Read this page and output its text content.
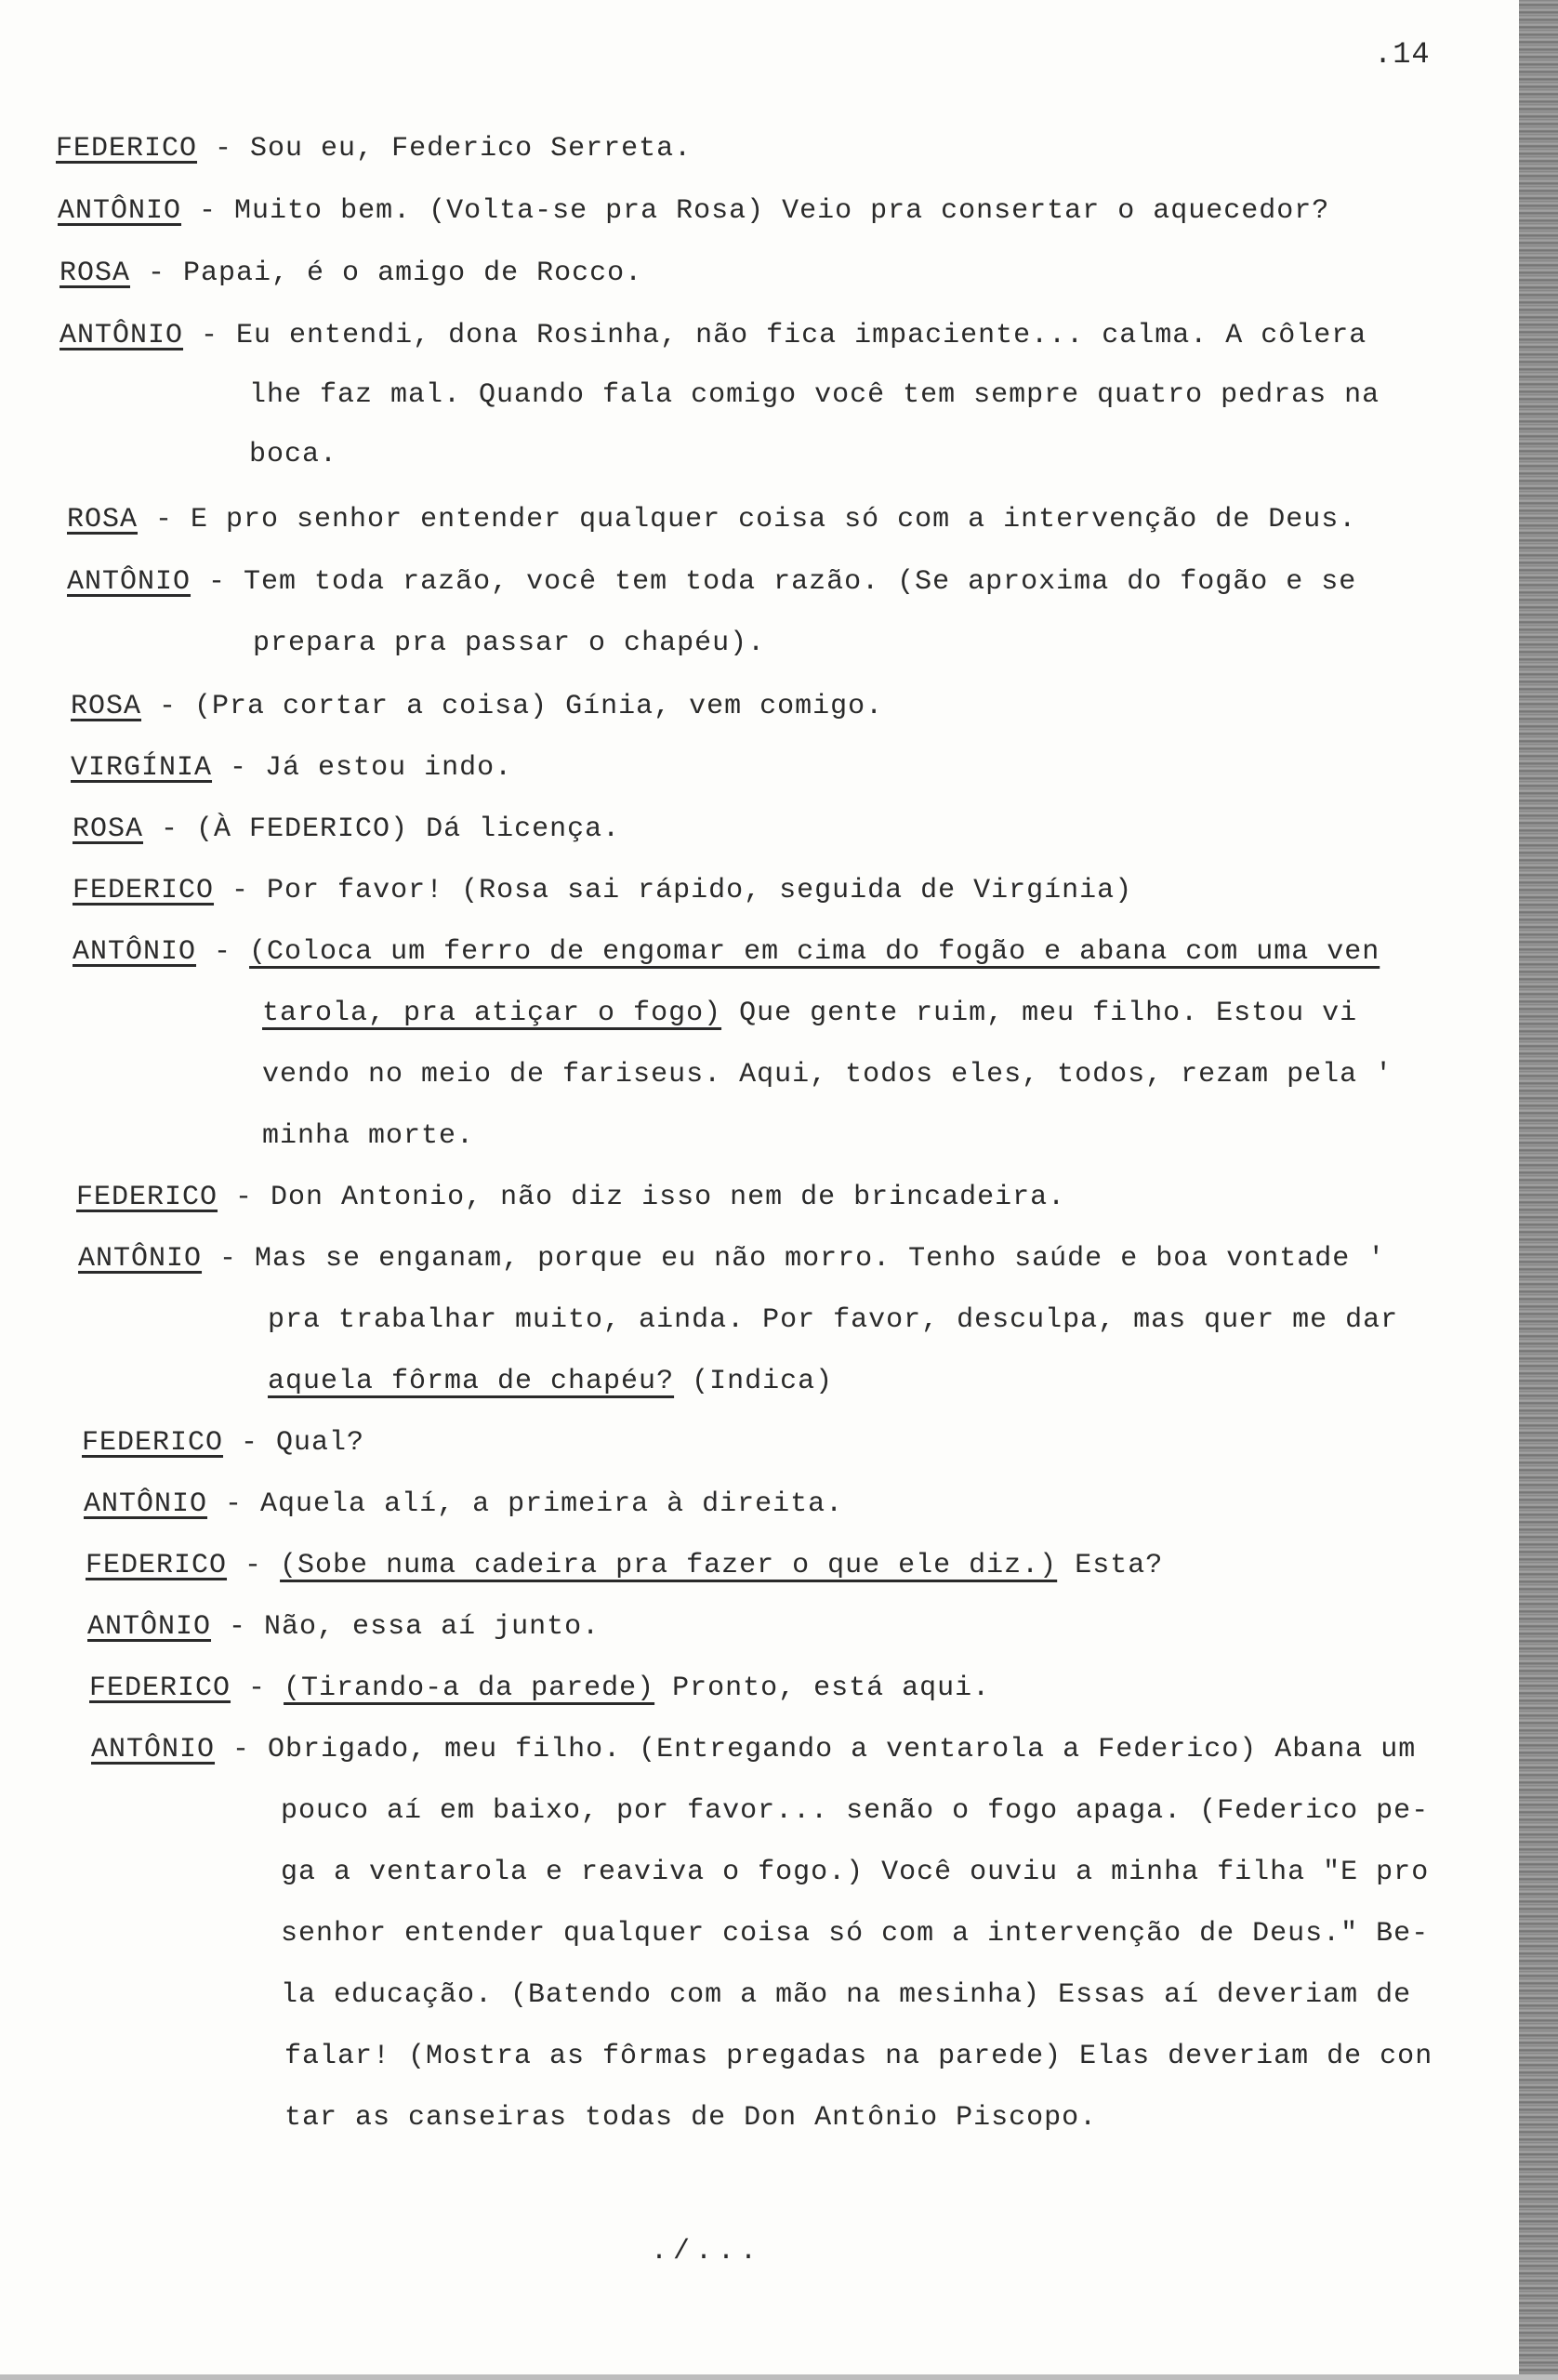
.14
FEDERICO - Sou eu, Federico Serreta.
ANTÔNIO - Muito bem. (Volta-se pra Rosa) Veio pra consertar o aquecedor?
ROSA - Papai, é o amigo de Rocco.
ANTÔNIO - Eu entendi, dona Rosinha, não fica impaciente... calma. A côlera
lhe faz mal. Quando fala comigo você tem sempre quatro pedras na
boca.
ROSA - E pro senhor entender qualquer coisa só com a intervenção de Deus.
ANTÔNIO - Tem toda razão, você tem toda razão. (Se aproxima do fogão e se
prepara pra passar o chapéu).
ROSA - (Pra cortar a coisa) Gínia, vem comigo.
VIRGÍNIA - Já estou indo.
ROSA - (À FEDERICO) Dá licença.
FEDERICO - Por favor! (Rosa sai rápido, seguida de Virgínia)
ANTÔNIO - (Coloca um ferro de engomar em cima do fogão e abana com uma ven
tarola, pra atiçar o fogo) Que gente ruim, meu filho. Estou vi
vendo no meio de fariseus. Aqui, todos eles, todos, rezam pela '
minha morte.
FEDERICO - Don Antonio, não diz isso nem de brincadeira.
ANTÔNIO - Mas se enganam, porque eu não morro. Tenho saúde e boa vontade '
pra trabalhar muito, ainda. Por favor, desculpa, mas quer me dar
aquela fôrma de chapéu? (Indica)
FEDERICO - Qual?
ANTÔNIO - Aquela alí, a primeira à direita.
FEDERICO - (Sobe numa cadeira pra fazer o que ele diz.) Esta?
ANTÔNIO - Não, essa aí junto.
FEDERICO - (Tirando-a da parede) Pronto, está aqui.
ANTÔNIO - Obrigado, meu filho. (Entregando a ventarola a Federico) Abana um
pouco aí em baixo, por favor... senão o fogo apaga. (Federico pe-
ga a ventarola e reaviva o fogo.) Você ouviu a minha filha "E pro
senhor entender qualquer coisa só com a intervenção de Deus." Be-
la educação. (Batendo com a mão na mesinha) Essas aí deveriam de
falar! (Mostra as fôrmas pregadas na parede) Elas deveriam de con
tar as canseiras todas de Don Antônio Piscopo.
./...
